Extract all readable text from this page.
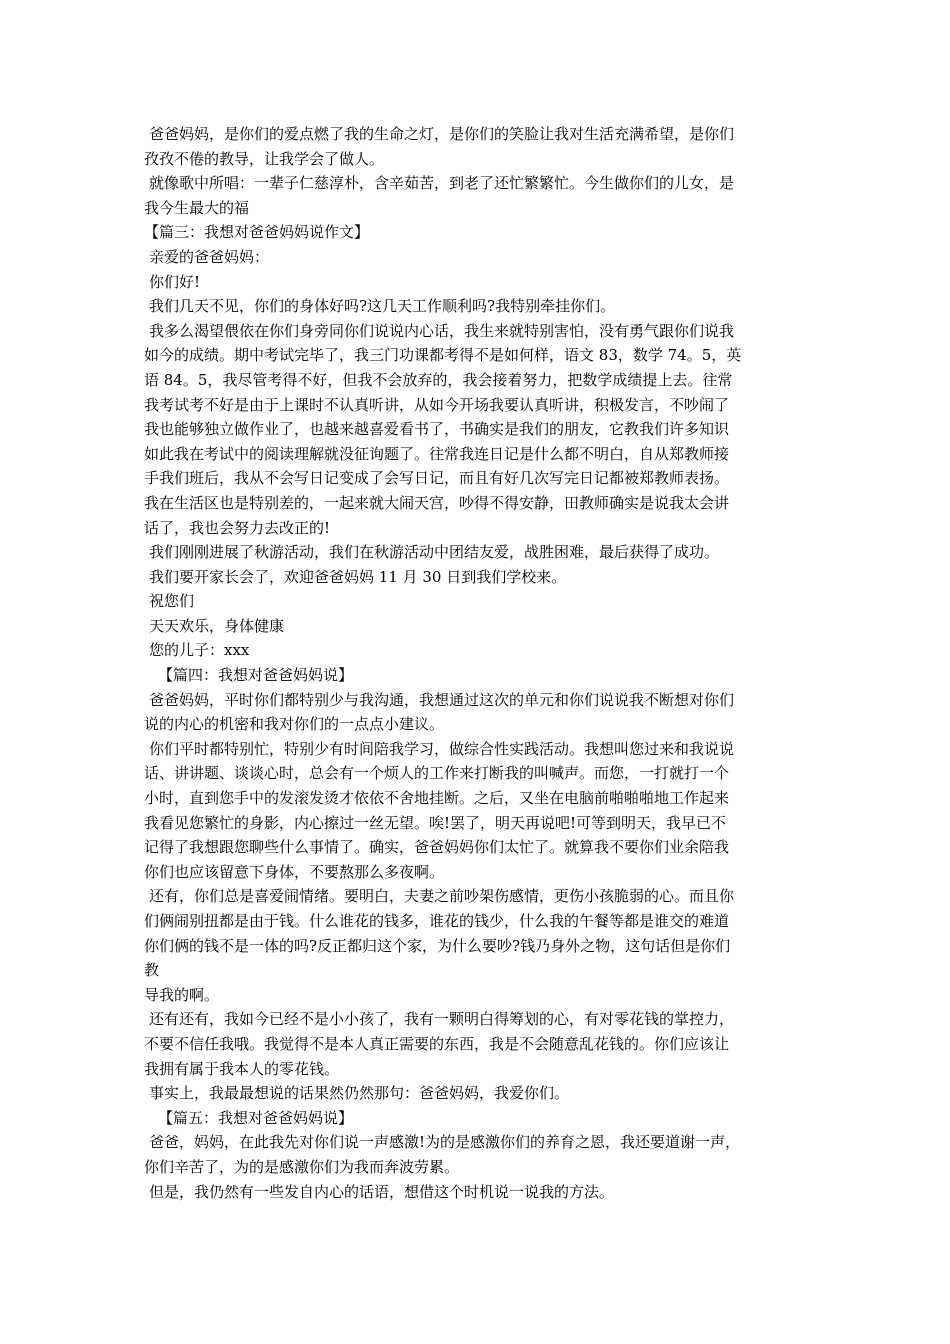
爸爸妈妈，是你们的爱点燃了我的生命之灯，是你们的笑脸让我对生活充满希望，是你们
孜孜不倦的教导，让我学会了做人。
就像歌中所唱：一辈子仁慈淳朴，含辛茹苦，到老了还忙繁繁忙。今生做你们的儿女，是
我今生最大的福
【篇三：我想对爸爸妈妈说作文】
亲爱的爸爸妈妈：
你们好!
我们几天不见，你们的身体好吗?这几天工作顺利吗?我特别牵挂你们。
我多么渴望偎依在你们身旁同你们说说内心话，我生来就特别害怕，没有勇气跟你们说我
如今的成绩。期中考试完毕了，我三门功课都考得不是如何样，语文 83，数学 74。5，英
语 84。5，我尽管考得不好，但我不会放弃的，我会接着努力，把数学成绩提上去。往常
我考试考不好是由于上课时不认真听讲，从如今开场我要认真听讲，积极发言，不吵闹了
我也能够独立做作业了，也越来越喜爱看书了，书确实是我们的朋友，它教我们许多知识
如此我在考试中的阅读理解就没征询题了。往常我连日记是什么都不明白，自从郑教师接
手我们班后，我从不会写日记变成了会写日记，而且有好几次写完日记都被郑教师表扬。
我在生活区也是特别差的，一起来就大闹天宫，吵得不得安静，田教师确实是说我太会讲
话了，我也会努力去改正的!
我们刚刚进展了秋游活动，我们在秋游活动中团结友爱，战胜困难，最后获得了成功。
我们要开家长会了，欢迎爸爸妈妈 11 月 30 日到我们学校来。
祝您们
天天欢乐，身体健康
您的儿子：xxx
【篇四：我想对爸爸妈妈说】
爸爸妈妈，平时你们都特别少与我沟通，我想通过这次的单元和你们说说我不断想对你们
说的内心的机密和我对你们的一点点小建议。
你们平时都特别忙，特别少有时间陪我学习，做综合性实践活动。我想叫您过来和我说说
话、讲讲题、谈谈心时，总会有一个烦人的工作来打断我的叫喊声。而您，一打就打一个
小时，直到您手中的发滚发烫才依依不舍地挂断。之后，又坐在电脑前啪啪啪地工作起来
我看见您繁忙的身影，内心擦过一丝无望。唉!罢了，明天再说吧!可等到明天，我早已不
记得了我想跟您聊些什么事情了。确实，爸爸妈妈你们太忙了。就算我不要你们业余陪我
你们也应该留意下身体，不要熬那么多夜啊。
还有，你们总是喜爱闹情绪。要明白，夫妻之前吵架伤感情，更伤小孩脆弱的心。而且你
们俩闹别扭都是由于钱。什么谁花的钱多，谁花的钱少，什么我的午餐等都是谁交的难道
你们俩的钱不是一体的吗?反正都归这个家，为什么要吵?钱乃身外之物，这句话但是你们
教
导我的啊。
还有还有，我如今已经不是小小孩了，我有一颗明白得筹划的心，有对零花钱的掌控力，
不要不信任我哦。我觉得不是本人真正需要的东西，我是不会随意乱花钱的。你们应该让
我拥有属于我本人的零花钱。
事实上，我最最想说的话果然仍然那句：爸爸妈妈，我爱你们。
【篇五：我想对爸爸妈妈说】
爸爸，妈妈，在此我先对你们说一声感激!为的是感激你们的养育之恩，我还要道谢一声，
你们辛苦了，为的是感激你们为我而奔波劳累。
但是，我仍然有一些发自内心的话语，想借这个时机说一说我的方法。
